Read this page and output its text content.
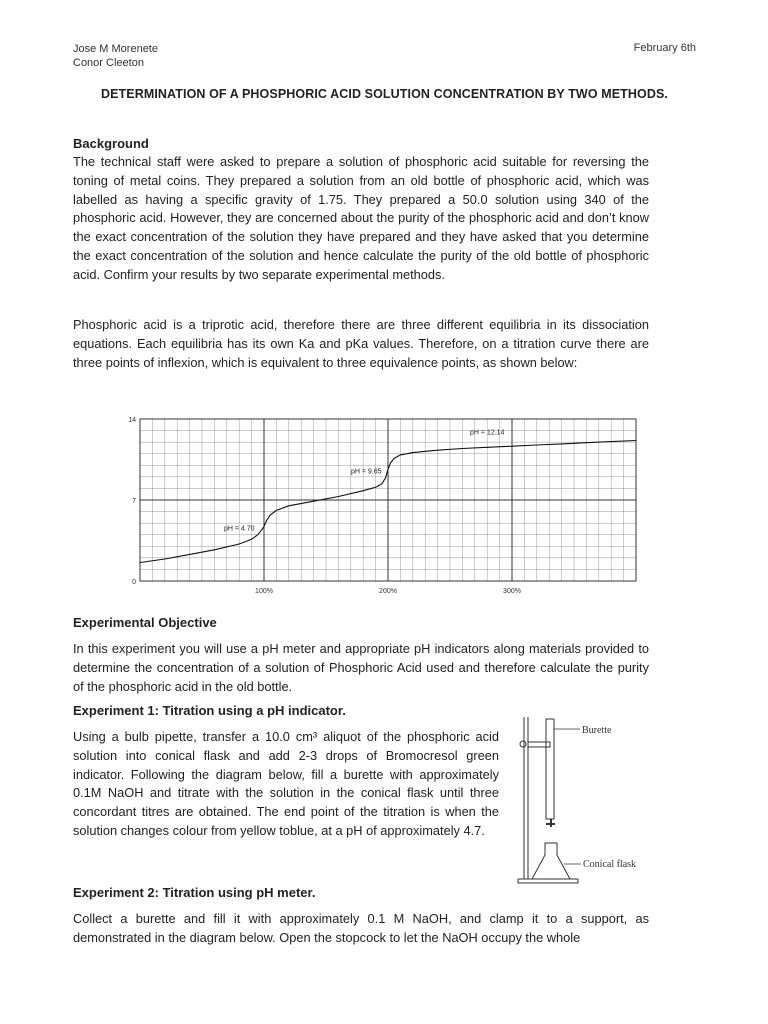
Jose M Morenete
Conor Cleeton
February 6th
DETERMINATION OF A PHOSPHORIC ACID SOLUTION CONCENTRATION BY TWO METHODS.
Background

The technical staff were asked to prepare a solution of phosphoric acid suitable for reversing the toning of metal coins. They prepared a solution from an old bottle of phosphoric acid, which was labelled as having a specific gravity of 1.75. They prepared a 50.0 solution using 340 of the phosphoric acid. However, they are concerned about the purity of the phosphoric acid and don’t know the exact concentration of the solution they have prepared and they have asked that you determine the exact concentration of the solution and hence calculate the purity of the old bottle of phosphoric acid. Confirm your results by two separate experimental methods.

Phosphoric acid is a triprotic acid, therefore there are three different equilibria in its dissociation equations. Each equilibria has its own Ka and pKa values. Therefore, on a titration curve there are three points of inflexion, which is equivalent to three equivalence points, as shown below:

0
7
14
100%	200%	300%
pH = 4.70
pH = 9.65
pH = 12.14
Experimental Objective

In this experiment you will use a pH meter and appropriate pH indicators along materials provided to determine the concentration of a solution of Phosphoric Acid used and therefore calculate the purity of the phosphoric acid in the old bottle.

Experiment 1: Titration using a pH indicator.

Using a bulb pipette, transfer a 10.0 cm³ aliquot of the phosphoric acid solution into conical flask and add 2-3 drops of Bromocresol green indicator. Following the diagram below, fill a burette with approximately 0.1M NaOH and titrate with the solution in the conical flask until three concordant titres are obtained. The end point of the titration is when the solution changes colour from yellow toblue, at a pH of approximately 4.7.

Burette
Conical flask
Experiment 2: Titration using pH meter.

Collect a burette and fill it with approximately 0.1 M NaOH, and clamp it to a support, as demonstrated in the diagram below. Open the stopcock to let the NaOH occupy the whole
